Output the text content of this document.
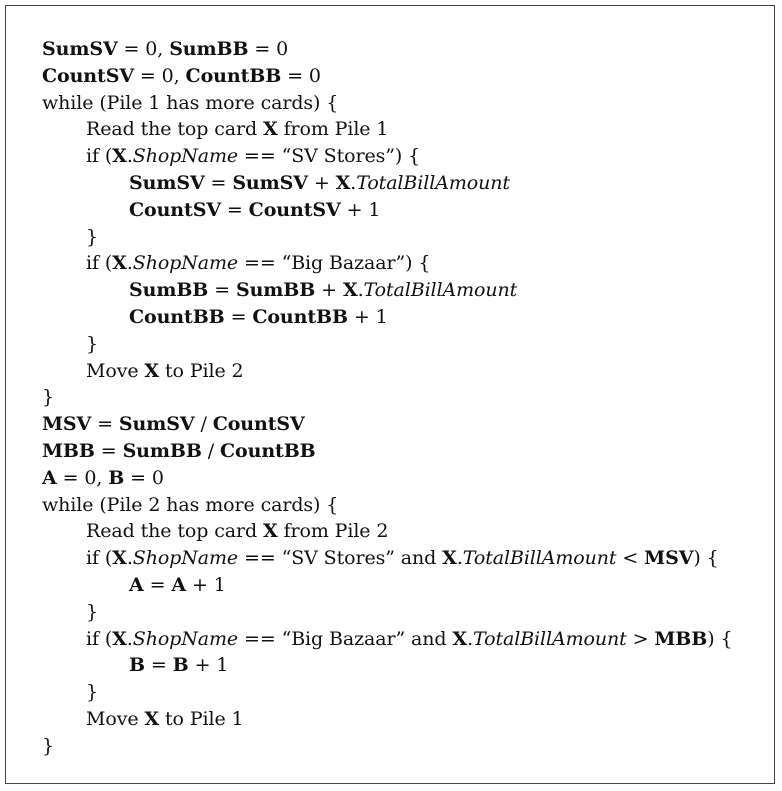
SumSV = 0, SumBB = 0
CountSV = 0, CountBB = 0
while (Pile 1 has more cards) {
Read the top card X from Pile 1
if (X.ShopName == “SV Stores”) {
SumSV = SumSV + X.TotalBillAmount
CountSV = CountSV + 1
}
if (X.ShopName == “Big Bazaar”) {
SumBB = SumBB + X.TotalBillAmount
CountBB = CountBB + 1
}
Move X to Pile 2
}
MSV = SumSV / CountSV
MBB = SumBB / CountBB
A = 0, B = 0
while (Pile 2 has more cards) {
Read the top card X from Pile 2
if (X.ShopName == “SV Stores” and X.TotalBillAmount < MSV) {
A = A + 1
}
if (X.ShopName == “Big Bazaar” and X.TotalBillAmount > MBB) {
B = B + 1
}
Move X to Pile 1
}
